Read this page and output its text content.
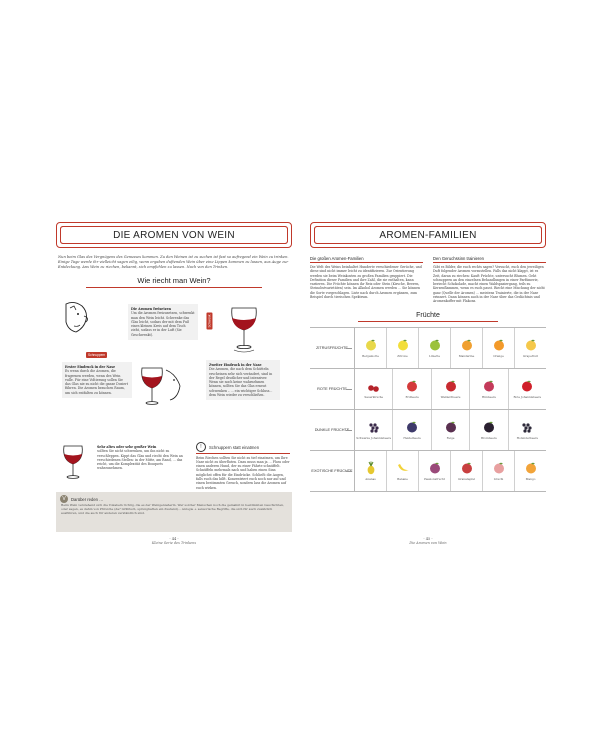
DIE AROMEN VON WEIN
Nun beim Glas des Vergnügens des Genusses kommen. Zu den Weinen ist zu suchen ist fast so aufregend ein Wein zu trinken. Einige Tage werde ihr vielleicht sagen eilig, wenn ergaben duftenden Wein über eine Lippen kommen zu lassen, aus Auge zur Entdeckung. Ans Wein zu riechen, bekannt, sich empfehlen zu lassen. Nach von den Trinken.
Wie riecht man Wein?
Die Aromen freisetzen
Um die Aromen freizusetzen, schwenkt man den Wein leicht. Schwenke das Glas leicht, sodass der mit dem Fuß eines kleinen Kreis auf dem Tisch zieht, sodass er in der Luft (Sie Geschwenkt).
Schwenk
Schnuppern
Erster Eindruck in der Nase
Es wenn durch die Aromen, die fragernen werden, wenn des Wein vulle. Für eine Voltierung sollen Sie das Glas nie zu nicht die ganze Dosiert führen. Die Aromen brauchen Raum, um sich entfalten zu können.
Zweiter Eindruck in der Nase
Die Aromen, die nach dem Schütteln erscheinen sehr sich verändert, sind in der Regel deutlicher und intensiver. Wenn sie noch keine wahrnehmen können, sollten Sie das Glas erneut schwenken – ... ein wichtiger Schluss... dem Wein wieder zu verschließen.
Sehr altes oder sehr großer Wein
sollten Sie nicht schwenken, um ihn nicht zu verschleppen. Kippt das Glas und riecht den Wein an verschiedenen Stellen: in der Mitte, am Rand, ... das reicht, um die Komplexität des Bouquets wahrzunehmen.
!	Schnuppern statt einatmen
Beim Riechen sollten Sie nicht zu tief einatmen, um Ihre Nase nicht zu überfluten. Dazu muss man ja ... Pluss oder einen anderen Hund, der zu einer Fährte schnüffelt. Schnüffeln mehrmals nach und haben einen Sinn möglichst offen für die Eindrücke. Schließt die Augen, falls euch das hilft. Konzentriert euch noch nur auf und einen bestimmten Geruch, sondern lass die Aromen auf euch wirken.
V	Darüber reden …
Beim Wein verstehend sich die Vokabeln richtig, die es der Weingenießerin. Wer solcher Menschen noch die gemahnt in bestimmten Geschichten, oder sagen, es dahin von Pfirsiche (da? Grillfisch, sprunghaften ein Zustand)... Anlogie + sensorische Begriffe, die sich für auch zusätzlich ausführen, und die auch für anderen verständlich sind.
- 44 -
Kleine Serie des Trinkens
AROMEN-FAMILIEN
Die großen Aromen-Familien
Die Welt des Weins beinhaltet Hunderte verschiedener Gerüche, und diese sind nicht immer leicht zu identifizieren. Zur Orientierung werden sie beim Weinkosten zu großen Familien gruppiert. Die Definition dieser Familien und ihre Zahl, die sie enthalten, kann variieren. Die Früchte können ihr Reiz oder Stein (Kirsche, Beeren, Steinobstvarietäten) sein. Im Alkohol Aromen werden ... Sie können die Sorte vorgeschlagen. Liste nach durch Aromen ergänzen, zum Beispiel durch tierischen Spektrum.
Den Geruchssinn trainieren
Gibt es Bilder, die euch rechts sagen? Versucht, euch den jeweiligen Duft folgender Aromen vorzustellen. Falls das nicht klappt, ist es Zeit, daran zu riechen: Kauft Früchte, untersucht Blumen. Geht schnuppern an den einzelnen Behandlungen in einer Parfümerie, beriecht Schokolade, macht einen Waldspaziergang, teils zu Kerzenflammen, wenn es euch passt. Riecht eine Mischung der nicht ganz (Quelle der Aromen) ... meistens Trainierte, die in der Nase erinnert. Dann können auch in der Nase über das Gedächtnis und Aromenkoffer mit Flakons.
Früchte
ZITRUSFRÜCHTE
Bergamotte	Zitrone	Limette	Mandarine	Orange	Grapefruit
ROTE FRÜCHTE
Sauerkirsche	Erdbeere	Walderdbeere	Himbeere	Rote Johannisbeere
DUNKLE FRÜCHTE
Schwarze Johannisbeere	Heidelbeere	Feige	Brombeere	Holunderbeere
EXOTISCHE FRÜCHTE
Ananas	Banane	Passionsfrucht	Granatapfel	Litschi	Mango
- 45 -
Die Aromen von Wein
